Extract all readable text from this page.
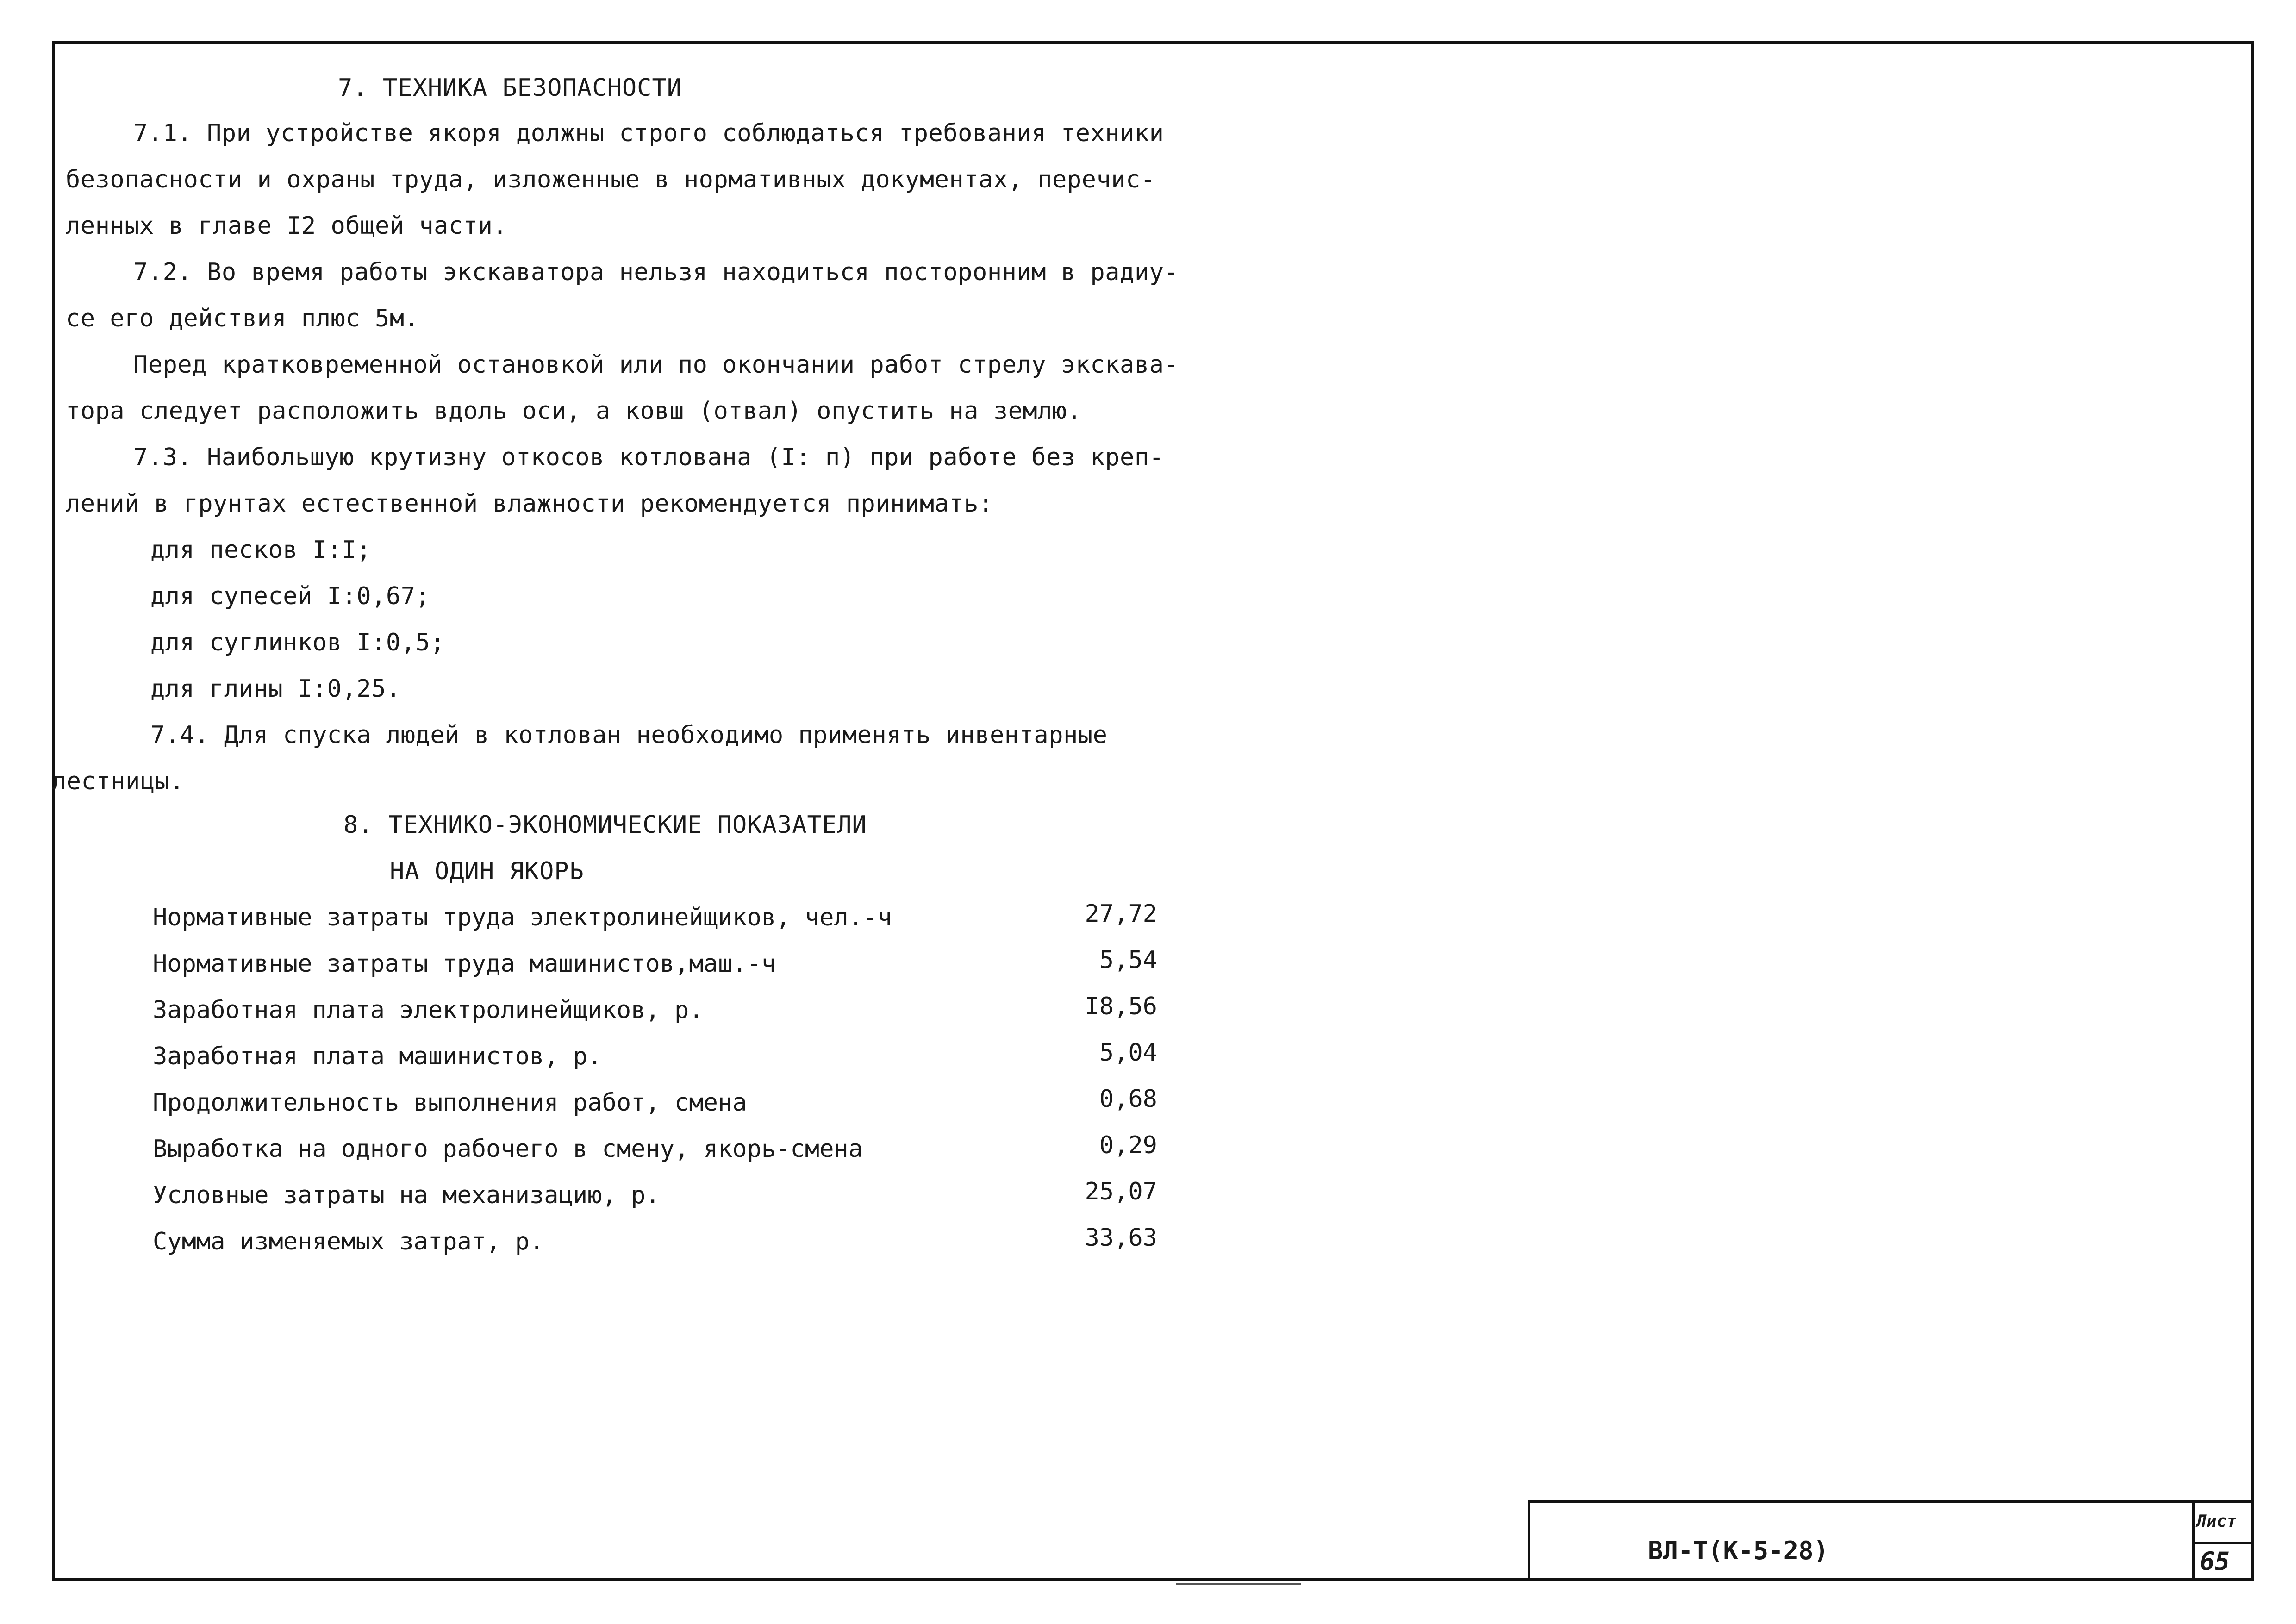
7. ТЕХНИКА БЕЗОПАСНОСТИ
7.1. При устройстве якоря должны строго соблюдаться требования техники
безопасности и охраны труда, изложенные в нормативных документах, перечис-
ленных в главе I2 общей части.
7.2. Во время работы экскаватора нельзя находиться посторонним в радиу-
се его действия плюс 5м.
Перед кратковременной остановкой или по окончании работ стрелу экскава-
тора следует расположить вдоль оси, а ковш (отвал) опустить на землю.
7.3. Наибольшую крутизну откосов котлована (I: п) при работе без креп-
лений в грунтах естественной влажности рекомендуется принимать:
для песков I:I;
для супесей I:0,67;
для суглинков I:0,5;
для глины I:0,25.
7.4. Для спуска людей в котлован необходимо применять инвентарные
лестницы.
8. ТЕХНИКО-ЭКОНОМИЧЕСКИЕ ПОКАЗАТЕЛИ
НА ОДИН ЯКОРЬ
Нормативные затраты труда электролинейщиков, чел.-ч	27,72
Нормативные затраты труда машинистов,маш.-ч	5,54
Заработная плата электролинейщиков, р.	I8,56
Заработная плата машинистов, р.	5,04
Продолжительность выполнения работ, смена	0,68
Выработка на одного рабочего в смену, якорь-смена	0,29
Условные затраты на механизацию, р.	25,07
Сумма изменяемых затрат, р.	33,63
ВЛ-Т(К-5-28)
Лист
65
